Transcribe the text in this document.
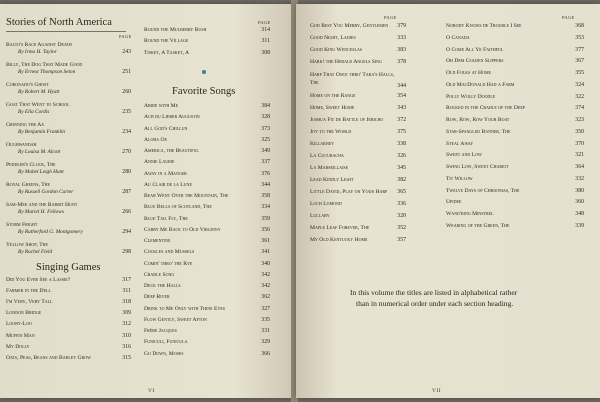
Stories of North America
PAGE
Balto's Race Against Death
By Irma H. Taylor	243
Billy, The Dog That Made Good
By Ernest Thompson Seton	251
Coronado's Ghost
By Robert M. Hyatt	260
Goat That Went to School
By Ella Cordis	235
Grinning the Ax
By Benjamin Franklin	234
Oughwandah
By Louisa M. Alcott	270
Peddler's Clock, The
By Mabel Leigh Hunt	280
Royal Greens, The
By Russell Gordon Carter	287
Sam-Mee and the Rabbit Hunt
By Muriel H. Fellows	266
Storm Fright
By Rutherford G. Montgomery	294
Yellow Shop, The
By Rachel Field	298
Singing Games
Did You Ever See a Lassie?	317
Farmer in the Dell	311
I'm Very, Very Tall	318
London Bridge	309
Looby-Loo	312
Muffin Man	310
My Dolly	316
Oats, Peas, Beans and Barley Grow	315
PAGE
Round the Mulberry Bush	314
Round the Village	311
Tisket, A Tasket, A	308
Favorite Songs
Abide with Me	384
Ach du Lieber Augustin	328
All God's Chillun	373
Aloha Oe	325
America, the Beautiful	349
Annie Laurie	337
Away in a Manger	376
Au Clair de la Lune	344
Bear Went Over the Mountain, The	358
Blue Bells of Scotland, The	334
Blue Tail Fly, The	359
Carry Me Back to Old Virginny	356
Clementine	361
Cockles and Mussels	341
Comin' thro' the Rye	340
Cradle Song	342
Deck the Halls	342
Deep River	362
Drink to Me Only with Thine Eyes	327
Flow Gently, Sweet Afton	335
Frère Jacques	331
Funiculi, Funicula	329
Go Down, Moses	366
VI
PAGE	PAGE
God Rest You Merry, Gentlemen	379
Good Night, Ladies	333
Good King Wenceslas	383
Hark! the Herald Angels Sing	378
Harp That Once thro' Tara's Halls, The	344
Home on the Range	354
Home, Sweet Home	343
Joshua Fit de Battle of Jericho	372
Joy to the World	375
Killarney	338
La Cucuracha	326
La Marseillaise	345
Lead Kindly Light	382
Little David, Play on Your Harp	365
Loch Lomond	336
Lullaby	320
Maple Leaf Forever, The	352
My Old Kentucky Home	357
Nobody Knows de Trouble I See	368
O Canada	353
O Come All Ye Faithful	377
Oh Dem Golden Slippers	367
Old Folks at Home	355
Old MacDonald Had a Farm	324
Polly Wolly Doodle	322
Rocked in the Cradle of the Deep	374
Row, Row, Row Your Boat	323
Star-Spangled Banner, The	350
Steal Away	370
Sweet and Low	321
Swing Low, Sweet Chariot	364
Tit Willow	332
Twelve Days of Christmas, The	380
Upidee	360
Wand'ring Minstrel	348
Wearing of the Green, The	339
In this volume the titles are listed in alphabetical rather
than in numerical order under each section heading.
VII
